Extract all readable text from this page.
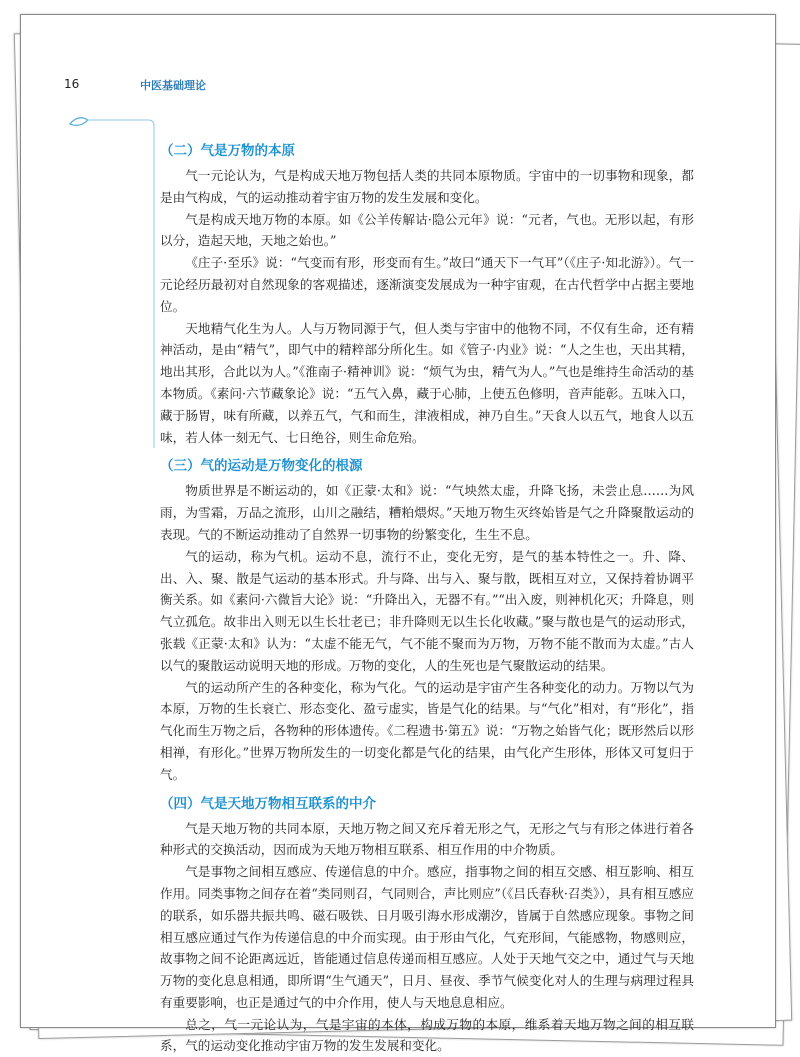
16	中医基础理论
（二）气是万物的本原

气一元论认为，气是构成天地万物包括人类的共同本原物质。宇宙中的一切事物和现象，都是由气构成，气的运动推动着宇宙万物的发生发展和变化。

气是构成天地万物的本原。如《公羊传解诂·隐公元年》说：“元者，气也。无形以起，有形以分，造起天地，天地之始也。”

《庄子·至乐》说：“气变而有形，形变而有生。”故曰“通天下一气耳”（《庄子·知北游》）。气一元论经历最初对自然现象的客观描述，逐渐演变发展成为一种宇宙观，在古代哲学中占据主要地位。

天地精气化生为人。人与万物同源于气，但人类与宇宙中的他物不同，不仅有生命，还有精神活动，是由“精气”，即气中的精粹部分所化生。如《管子·内业》说：“人之生也，天出其精，地出其形，合此以为人。”《淮南子·精神训》说：“烦气为虫，精气为人。”气也是维持生命活动的基本物质。《素问·六节藏象论》说：“五气入鼻，藏于心肺，上使五色修明，音声能彰。五味入口，藏于肠胃，味有所藏，以养五气，气和而生，津液相成，神乃自生。”天食人以五气，地食人以五味，若人体一刻无气、七日绝谷，则生命危殆。

（三）气的运动是万物变化的根源

物质世界是不断运动的，如《正蒙·太和》说：“气坱然太虚，升降飞扬，未尝止息……为风雨，为雪霜，万品之流形，山川之融结，糟粕煨烬。”天地万物生灭终始皆是气之升降聚散运动的表现。气的不断运动推动了自然界一切事物的纷繁变化，生生不息。

气的运动，称为气机。运动不息，流行不止，变化无穷，是气的基本特性之一。升、降、出、入、聚、散是气运动的基本形式。升与降、出与入、聚与散，既相互对立，又保持着协调平衡关系。如《素问·六微旨大论》说：“升降出入，无器不有。”“出入废，则神机化灭；升降息，则气立孤危。故非出入则无以生长壮老已；非升降则无以生长化收藏。”聚与散也是气的运动形式，张载《正蒙·太和》认为：“太虚不能无气，气不能不聚而为万物，万物不能不散而为太虚。”古人以气的聚散运动说明天地的形成。万物的变化，人的生死也是气聚散运动的结果。

气的运动所产生的各种变化，称为气化。气的运动是宇宙产生各种变化的动力。万物以气为本原，万物的生长衰亡、形态变化、盈亏虚实，皆是气化的结果。与“气化”相对，有“形化”，指气化而生万物之后，各物种的形体遗传。《二程遗书·第五》说：“万物之始皆气化；既形然后以形相禅，有形化。”世界万物所发生的一切变化都是气化的结果，由气化产生形体，形体又可复归于气。

（四）气是天地万物相互联系的中介

气是天地万物的共同本原，天地万物之间又充斥着无形之气，无形之气与有形之体进行着各种形式的交换活动，因而成为天地万物相互联系、相互作用的中介物质。

气是事物之间相互感应、传递信息的中介。感应，指事物之间的相互交感、相互影响、相互作用。同类事物之间存在着“类同则召，气同则合，声比则应”（《吕氏春秋·召类》），具有相互感应的联系，如乐器共振共鸣、磁石吸铁、日月吸引海水形成潮汐，皆属于自然感应现象。事物之间相互感应通过气作为传递信息的中介而实现。由于形由气化，气充形间，气能感物，物感则应，故事物之间不论距离远近，皆能通过信息传递而相互感应。人处于天地气交之中，通过气与天地万物的变化息息相通，即所谓“生气通天”，日月、昼夜、季节气候变化对人的生理与病理过程具有重要影响，也正是通过气的中介作用，使人与天地息息相应。

总之，气一元论认为，气是宇宙的本体，构成万物的本原，维系着天地万物之间的相互联系，气的运动变化推动宇宙万物的发生发展和变化。
